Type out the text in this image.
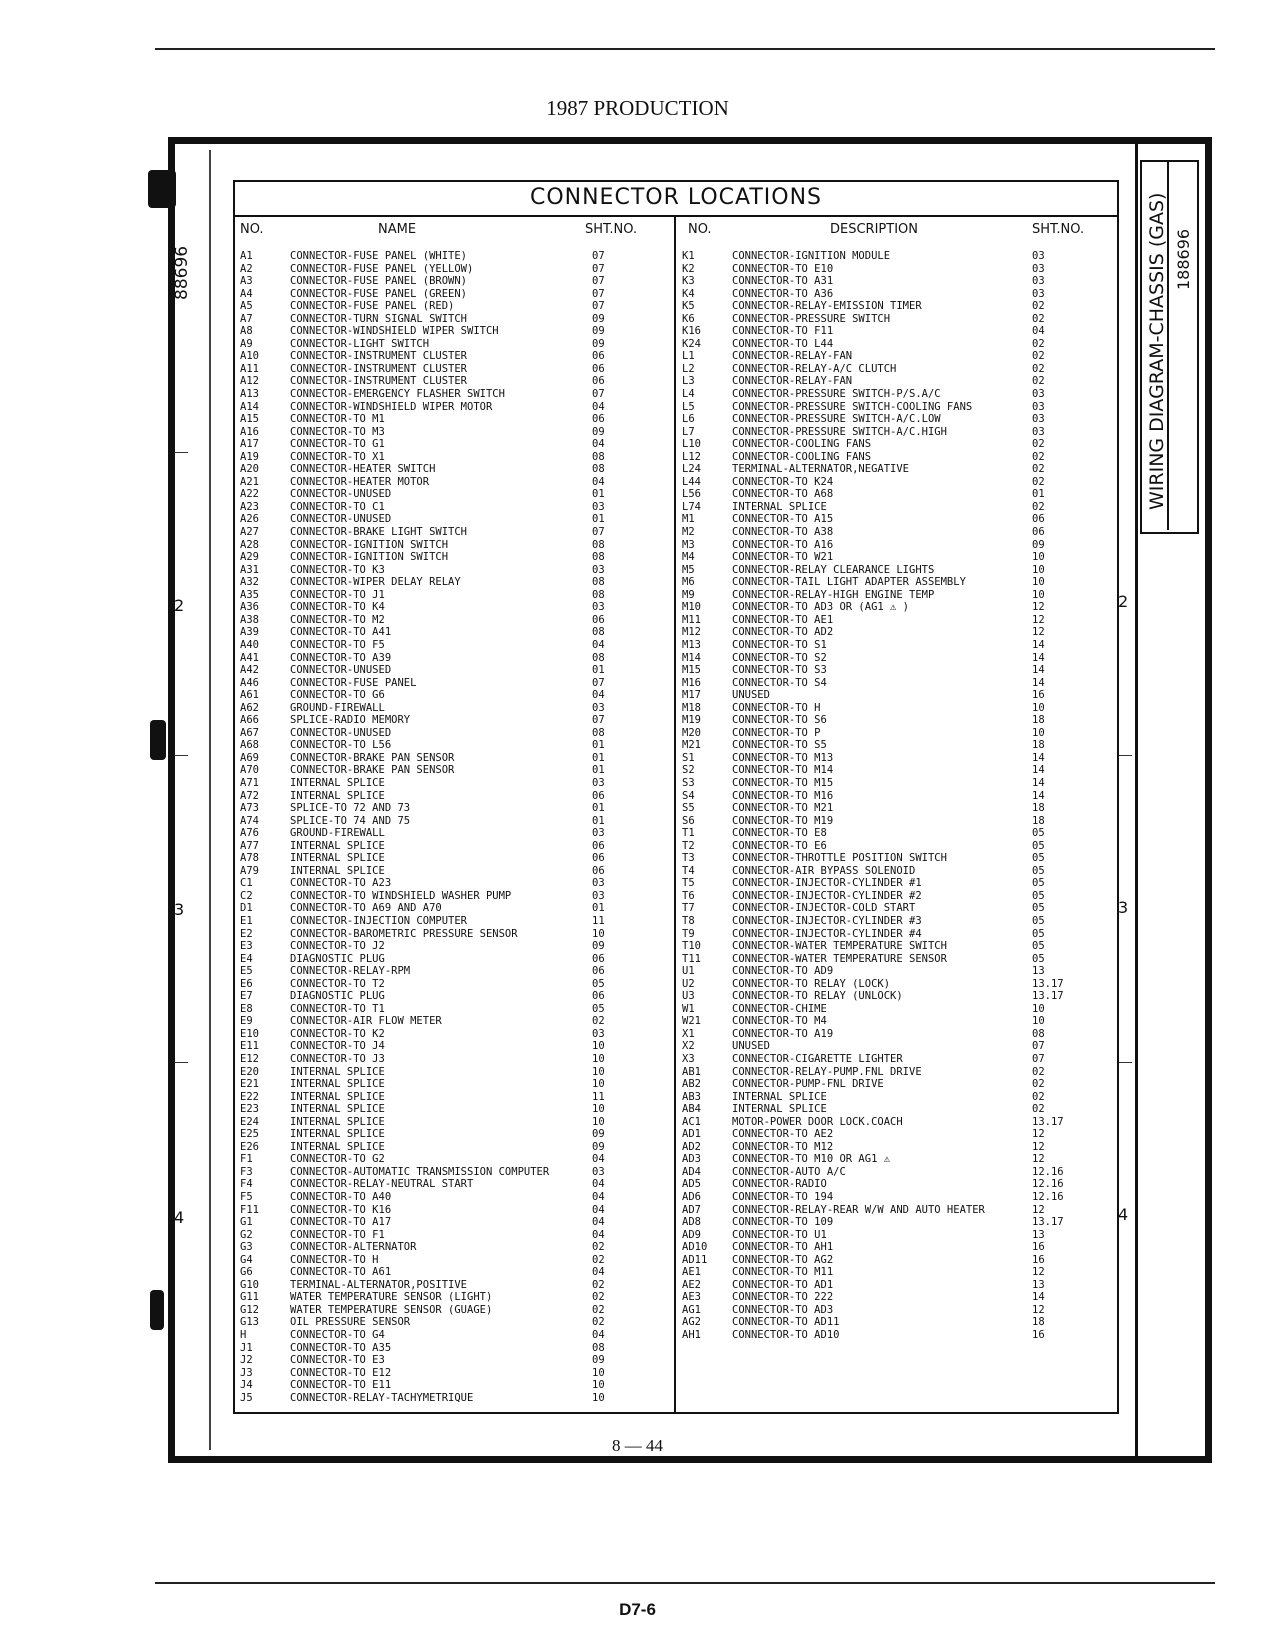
1987 PRODUCTION
88696
2
3
4
2
3
4
WIRING DIAGRAM-CHASSIS (GAS) 188696
CONNECTOR LOCATIONS
NO.	NAME	SHT.NO.	NO.	DESCRIPTION	SHT.NO.
A1	CONNECTOR-FUSE PANEL (WHITE)	07
A2	CONNECTOR-FUSE PANEL (YELLOW)	07
A3	CONNECTOR-FUSE PANEL (BROWN)	07
A4	CONNECTOR-FUSE PANEL (GREEN)	07
A5	CONNECTOR-FUSE PANEL (RED)	07
A7	CONNECTOR-TURN SIGNAL SWITCH	09
A8	CONNECTOR-WINDSHIELD WIPER SWITCH	09
A9	CONNECTOR-LIGHT SWITCH	09
A10	CONNECTOR-INSTRUMENT CLUSTER	06
A11	CONNECTOR-INSTRUMENT CLUSTER	06
A12	CONNECTOR-INSTRUMENT CLUSTER	06
A13	CONNECTOR-EMERGENCY FLASHER SWITCH	07
A14	CONNECTOR-WINDSHIELD WIPER MOTOR	04
A15	CONNECTOR-TO M1	06
A16	CONNECTOR-TO M3	09
A17	CONNECTOR-TO G1	04
A19	CONNECTOR-TO X1	08
A20	CONNECTOR-HEATER SWITCH	08
A21	CONNECTOR-HEATER MOTOR	04
A22	CONNECTOR-UNUSED	01
A23	CONNECTOR-TO C1	03
A26	CONNECTOR-UNUSED	01
A27	CONNECTOR-BRAKE LIGHT SWITCH	07
A28	CONNECTOR-IGNITION SWITCH	08
A29	CONNECTOR-IGNITION SWITCH	08
A31	CONNECTOR-TO K3	03
A32	CONNECTOR-WIPER DELAY RELAY	08
A35	CONNECTOR-TO J1	08
A36	CONNECTOR-TO K4	03
A38	CONNECTOR-TO M2	06
A39	CONNECTOR-TO A41	08
A40	CONNECTOR-TO F5	04
A41	CONNECTOR-TO A39	08
A42	CONNECTOR-UNUSED	01
A46	CONNECTOR-FUSE PANEL	07
A61	CONNECTOR-TO G6	04
A62	GROUND-FIREWALL	03
A66	SPLICE-RADIO MEMORY	07
A67	CONNECTOR-UNUSED	08
A68	CONNECTOR-TO L56	01
A69	CONNECTOR-BRAKE PAN SENSOR	01
A70	CONNECTOR-BRAKE PAN SENSOR	01
A71	INTERNAL SPLICE	03
A72	INTERNAL SPLICE	06
A73	SPLICE-TO 72 AND 73	01
A74	SPLICE-TO 74 AND 75	01
A76	GROUND-FIREWALL	03
A77	INTERNAL SPLICE	06
A78	INTERNAL SPLICE	06
A79	INTERNAL SPLICE	06
C1	CONNECTOR-TO A23	03
C2	CONNECTOR-TO WINDSHIELD WASHER PUMP	03
D1	CONNECTOR-TO A69 AND A70	01
E1	CONNECTOR-INJECTION COMPUTER	11
E2	CONNECTOR-BAROMETRIC PRESSURE SENSOR	10
E3	CONNECTOR-TO J2	09
E4	DIAGNOSTIC PLUG	06
E5	CONNECTOR-RELAY-RPM	06
E6	CONNECTOR-TO T2	05
E7	DIAGNOSTIC PLUG	06
E8	CONNECTOR-TO T1	05
E9	CONNECTOR-AIR FLOW METER	02
E10	CONNECTOR-TO K2	03
E11	CONNECTOR-TO J4	10
E12	CONNECTOR-TO J3	10
E20	INTERNAL SPLICE	10
E21	INTERNAL SPLICE	10
E22	INTERNAL SPLICE	11
E23	INTERNAL SPLICE	10
E24	INTERNAL SPLICE	10
E25	INTERNAL SPLICE	09
E26	INTERNAL SPLICE	09
F1	CONNECTOR-TO G2	04
F3	CONNECTOR-AUTOMATIC TRANSMISSION COMPUTER	03
F4	CONNECTOR-RELAY-NEUTRAL START	04
F5	CONNECTOR-TO A40	04
F11	CONNECTOR-TO K16	04
G1	CONNECTOR-TO A17	04
G2	CONNECTOR-TO F1	04
G3	CONNECTOR-ALTERNATOR	02
G4	CONNECTOR-TO H	02
G6	CONNECTOR-TO A61	04
G10	TERMINAL-ALTERNATOR,POSITIVE	02
G11	WATER TEMPERATURE SENSOR (LIGHT)	02
G12	WATER TEMPERATURE SENSOR (GUAGE)	02
G13	OIL PRESSURE SENSOR	02
H	CONNECTOR-TO G4	04
J1	CONNECTOR-TO A35	08
J2	CONNECTOR-TO E3	09
J3	CONNECTOR-TO E12	10
J4	CONNECTOR-TO E11	10
J5	CONNECTOR-RELAY-TACHYMETRIQUE	10
K1	CONNECTOR-IGNITION MODULE	03
K2	CONNECTOR-TO E10	03
K3	CONNECTOR-TO A31	03
K4	CONNECTOR-TO A36	03
K5	CONNECTOR-RELAY-EMISSION TIMER	02
K6	CONNECTOR-PRESSURE SWITCH	02
K16	CONNECTOR-TO F11	04
K24	CONNECTOR-TO L44	02
L1	CONNECTOR-RELAY-FAN	02
L2	CONNECTOR-RELAY-A/C CLUTCH	02
L3	CONNECTOR-RELAY-FAN	02
L4	CONNECTOR-PRESSURE SWITCH-P/S.A/C	03
L5	CONNECTOR-PRESSURE SWITCH-COOLING FANS	03
L6	CONNECTOR-PRESSURE SWITCH-A/C.LOW	03
L7	CONNECTOR-PRESSURE SWITCH-A/C.HIGH	03
L10	CONNECTOR-COOLING FANS	02
L12	CONNECTOR-COOLING FANS	02
L24	TERMINAL-ALTERNATOR,NEGATIVE	02
L44	CONNECTOR-TO K24	02
L56	CONNECTOR-TO A68	01
L74	INTERNAL SPLICE	02
M1	CONNECTOR-TO A15	06
M2	CONNECTOR-TO A38	06
M3	CONNECTOR-TO A16	09
M4	CONNECTOR-TO W21	10
M5	CONNECTOR-RELAY CLEARANCE LIGHTS	10
M6	CONNECTOR-TAIL LIGHT ADAPTER ASSEMBLY	10
M9	CONNECTOR-RELAY-HIGH ENGINE TEMP	10
M10	CONNECTOR-TO AD3 OR (AG1 ⚠ )	12
M11	CONNECTOR-TO AE1	12
M12	CONNECTOR-TO AD2	12
M13	CONNECTOR-TO S1	14
M14	CONNECTOR-TO S2	14
M15	CONNECTOR-TO S3	14
M16	CONNECTOR-TO S4	14
M17	UNUSED	16
M18	CONNECTOR-TO H	10
M19	CONNECTOR-TO S6	18
M20	CONNECTOR-TO P	10
M21	CONNECTOR-TO S5	18
S1	CONNECTOR-TO M13	14
S2	CONNECTOR-TO M14	14
S3	CONNECTOR-TO M15	14
S4	CONNECTOR-TO M16	14
S5	CONNECTOR-TO M21	18
S6	CONNECTOR-TO M19	18
T1	CONNECTOR-TO E8	05
T2	CONNECTOR-TO E6	05
T3	CONNECTOR-THROTTLE POSITION SWITCH	05
T4	CONNECTOR-AIR BYPASS SOLENOID	05
T5	CONNECTOR-INJECTOR-CYLINDER #1	05
T6	CONNECTOR-INJECTOR-CYLINDER #2	05
T7	CONNECTOR-INJECTOR-COLD START	05
T8	CONNECTOR-INJECTOR-CYLINDER #3	05
T9	CONNECTOR-INJECTOR-CYLINDER #4	05
T10	CONNECTOR-WATER TEMPERATURE SWITCH	05
T11	CONNECTOR-WATER TEMPERATURE SENSOR	05
U1	CONNECTOR-TO AD9	13
U2	CONNECTOR-TO RELAY (LOCK)	13.17
U3	CONNECTOR-TO RELAY (UNLOCK)	13.17
W1	CONNECTOR-CHIME	10
W21	CONNECTOR-TO M4	10
X1	CONNECTOR-TO A19	08
X2	UNUSED	07
X3	CONNECTOR-CIGARETTE LIGHTER	07
AB1	CONNECTOR-RELAY-PUMP.FNL DRIVE	02
AB2	CONNECTOR-PUMP-FNL DRIVE	02
AB3	INTERNAL SPLICE	02
AB4	INTERNAL SPLICE	02
AC1	MOTOR-POWER DOOR LOCK.COACH	13.17
AD1	CONNECTOR-TO AE2	12
AD2	CONNECTOR-TO M12	12
AD3	CONNECTOR-TO M10 OR AG1 ⚠	12
AD4	CONNECTOR-AUTO A/C	12.16
AD5	CONNECTOR-RADIO	12.16
AD6	CONNECTOR-TO 194	12.16
AD7	CONNECTOR-RELAY-REAR W/W AND AUTO HEATER	12
AD8	CONNECTOR-TO 109	13.17
AD9	CONNECTOR-TO U1	13
AD10 CONNECTOR-TO AH1	16
AD11 CONNECTOR-TO AG2	16
AE1	CONNECTOR-TO M11	12
AE2	CONNECTOR-TO AD1	13
AE3	CONNECTOR-TO 222	14
AG1	CONNECTOR-TO AD3	12
AG2	CONNECTOR-TO AD11	18
AH1	CONNECTOR-TO AD10	16
8 — 44
D7-6
